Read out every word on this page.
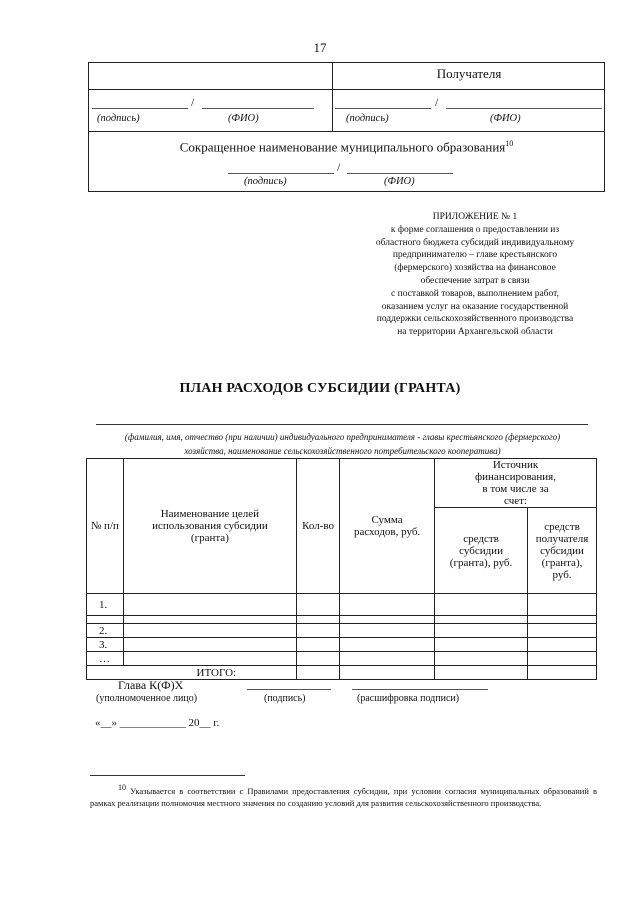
17
Получателя
/
(подпись)	(ФИО)
/
(подпись)	(ФИО)
Сокращенное наименование муниципального образования$^{10}$
/
(подпись)	(ФИО)
ПРИЛОЖЕНИЕ № 1
к форме соглашения о предоставлении из
областного бюджета субсидий индивидуальному
предпринимателю – главе крестьянского
(фермерского) хозяйства на финансовое
обеспечение затрат в связи
с поставкой товаров, выполнением работ,
оказанием услуг на оказание государственной
поддержки сельскохозяйственного производства
на территории Архангельской области
ПЛАН РАСХОДОВ СУБСИДИИ (ГРАНТА)
(фамилия, имя, отчество (при наличии) индивидуального предпринимателя - главы крестьянского (фермерского)
хозяйства, наименование сельскохозяйственного потребительского кооператива)
№ п/п	Наименование целей использования субсидии (гранта)	Кол-во	Сумма расходов, руб.	Источник финансирования, в том числе за счет:	
				средств субсидии (гранта), руб.	средств получателя субсидии (гранта), руб.
1.					

2.					
3.					
…					
ИТОГО:					
Глава К(Ф)Х
(уполномоченное лицо)	(подпись)	(расшифровка подписи)
«__» ____________ 20__ г.
10 Указывается в соответствии с Правилами предоставления субсидии, при условии согласия муниципальных образований в рамках реализации полномочия местного значения по созданию условий для развития сельскохозяйственного производства.
